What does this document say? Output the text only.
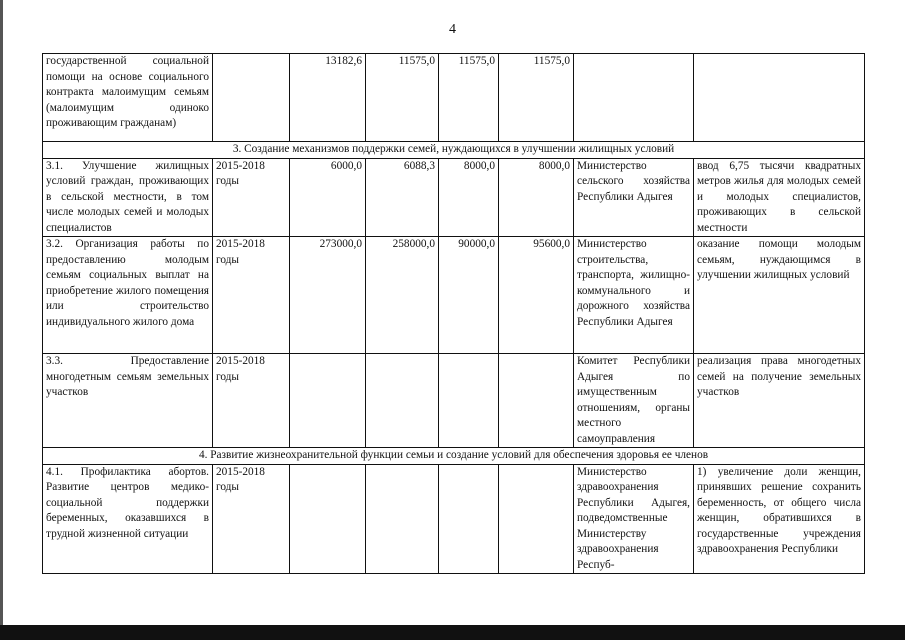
4
государственной социальной помощи на основе социального контракта малоимущим семьям (малоимущим одиноко проживающим гражданам)		13182,6	11575,0	11575,0	11575,0		
3. Создание механизмов поддержки семей, нуждающихся в улучшении жилищных условий							
3.1. Улучшение жилищных условий граждан, проживающих в сельской местности, в том числе молодых семей и молодых специалистов	2015-2018 годы	6000,0	6088,3	8000,0	8000,0	Министерство сельского хозяйства Республики Адыгея	ввод 6,75 тысячи квадратных метров жилья для молодых семей и молодых специалистов, проживающих в сельской местности
3.2. Организация работы по предоставлению молодым семьям социальных выплат на приобретение жилого помещения или строительство индивидуального жилого дома	2015-2018 годы	273000,0	258000,0	90000,0	95600,0	Министерство строительства, транспорта, жилищно-коммунального и дорожного хозяйства Республики Адыгея	оказание помощи молодым семьям, нуждающимся в улучшении жилищных условий
3.3. Предоставление многодетным семьям земельных участков	2015-2018 годы					Комитет Республики Адыгея по имущественным отношениям, органы местного самоуправления	реализация права многодетных семей на получение земельных участков
4. Развитие жизнеохранительной функции семьи и создание условий для обеспечения здоровья ее членов							
4.1. Профилактика абортов. Развитие центров медико-социальной поддержки беременных, оказавшихся в трудной жизненной ситуации	2015-2018 годы					Министерство здравоохранения Республики Адыгея, подведомственные Министерству здравоохранения Респуб-	1) увеличение доли женщин, принявших решение сохранить беременность, от общего числа женщин, обратившихся в государственные учреждения здравоохранения Республики
